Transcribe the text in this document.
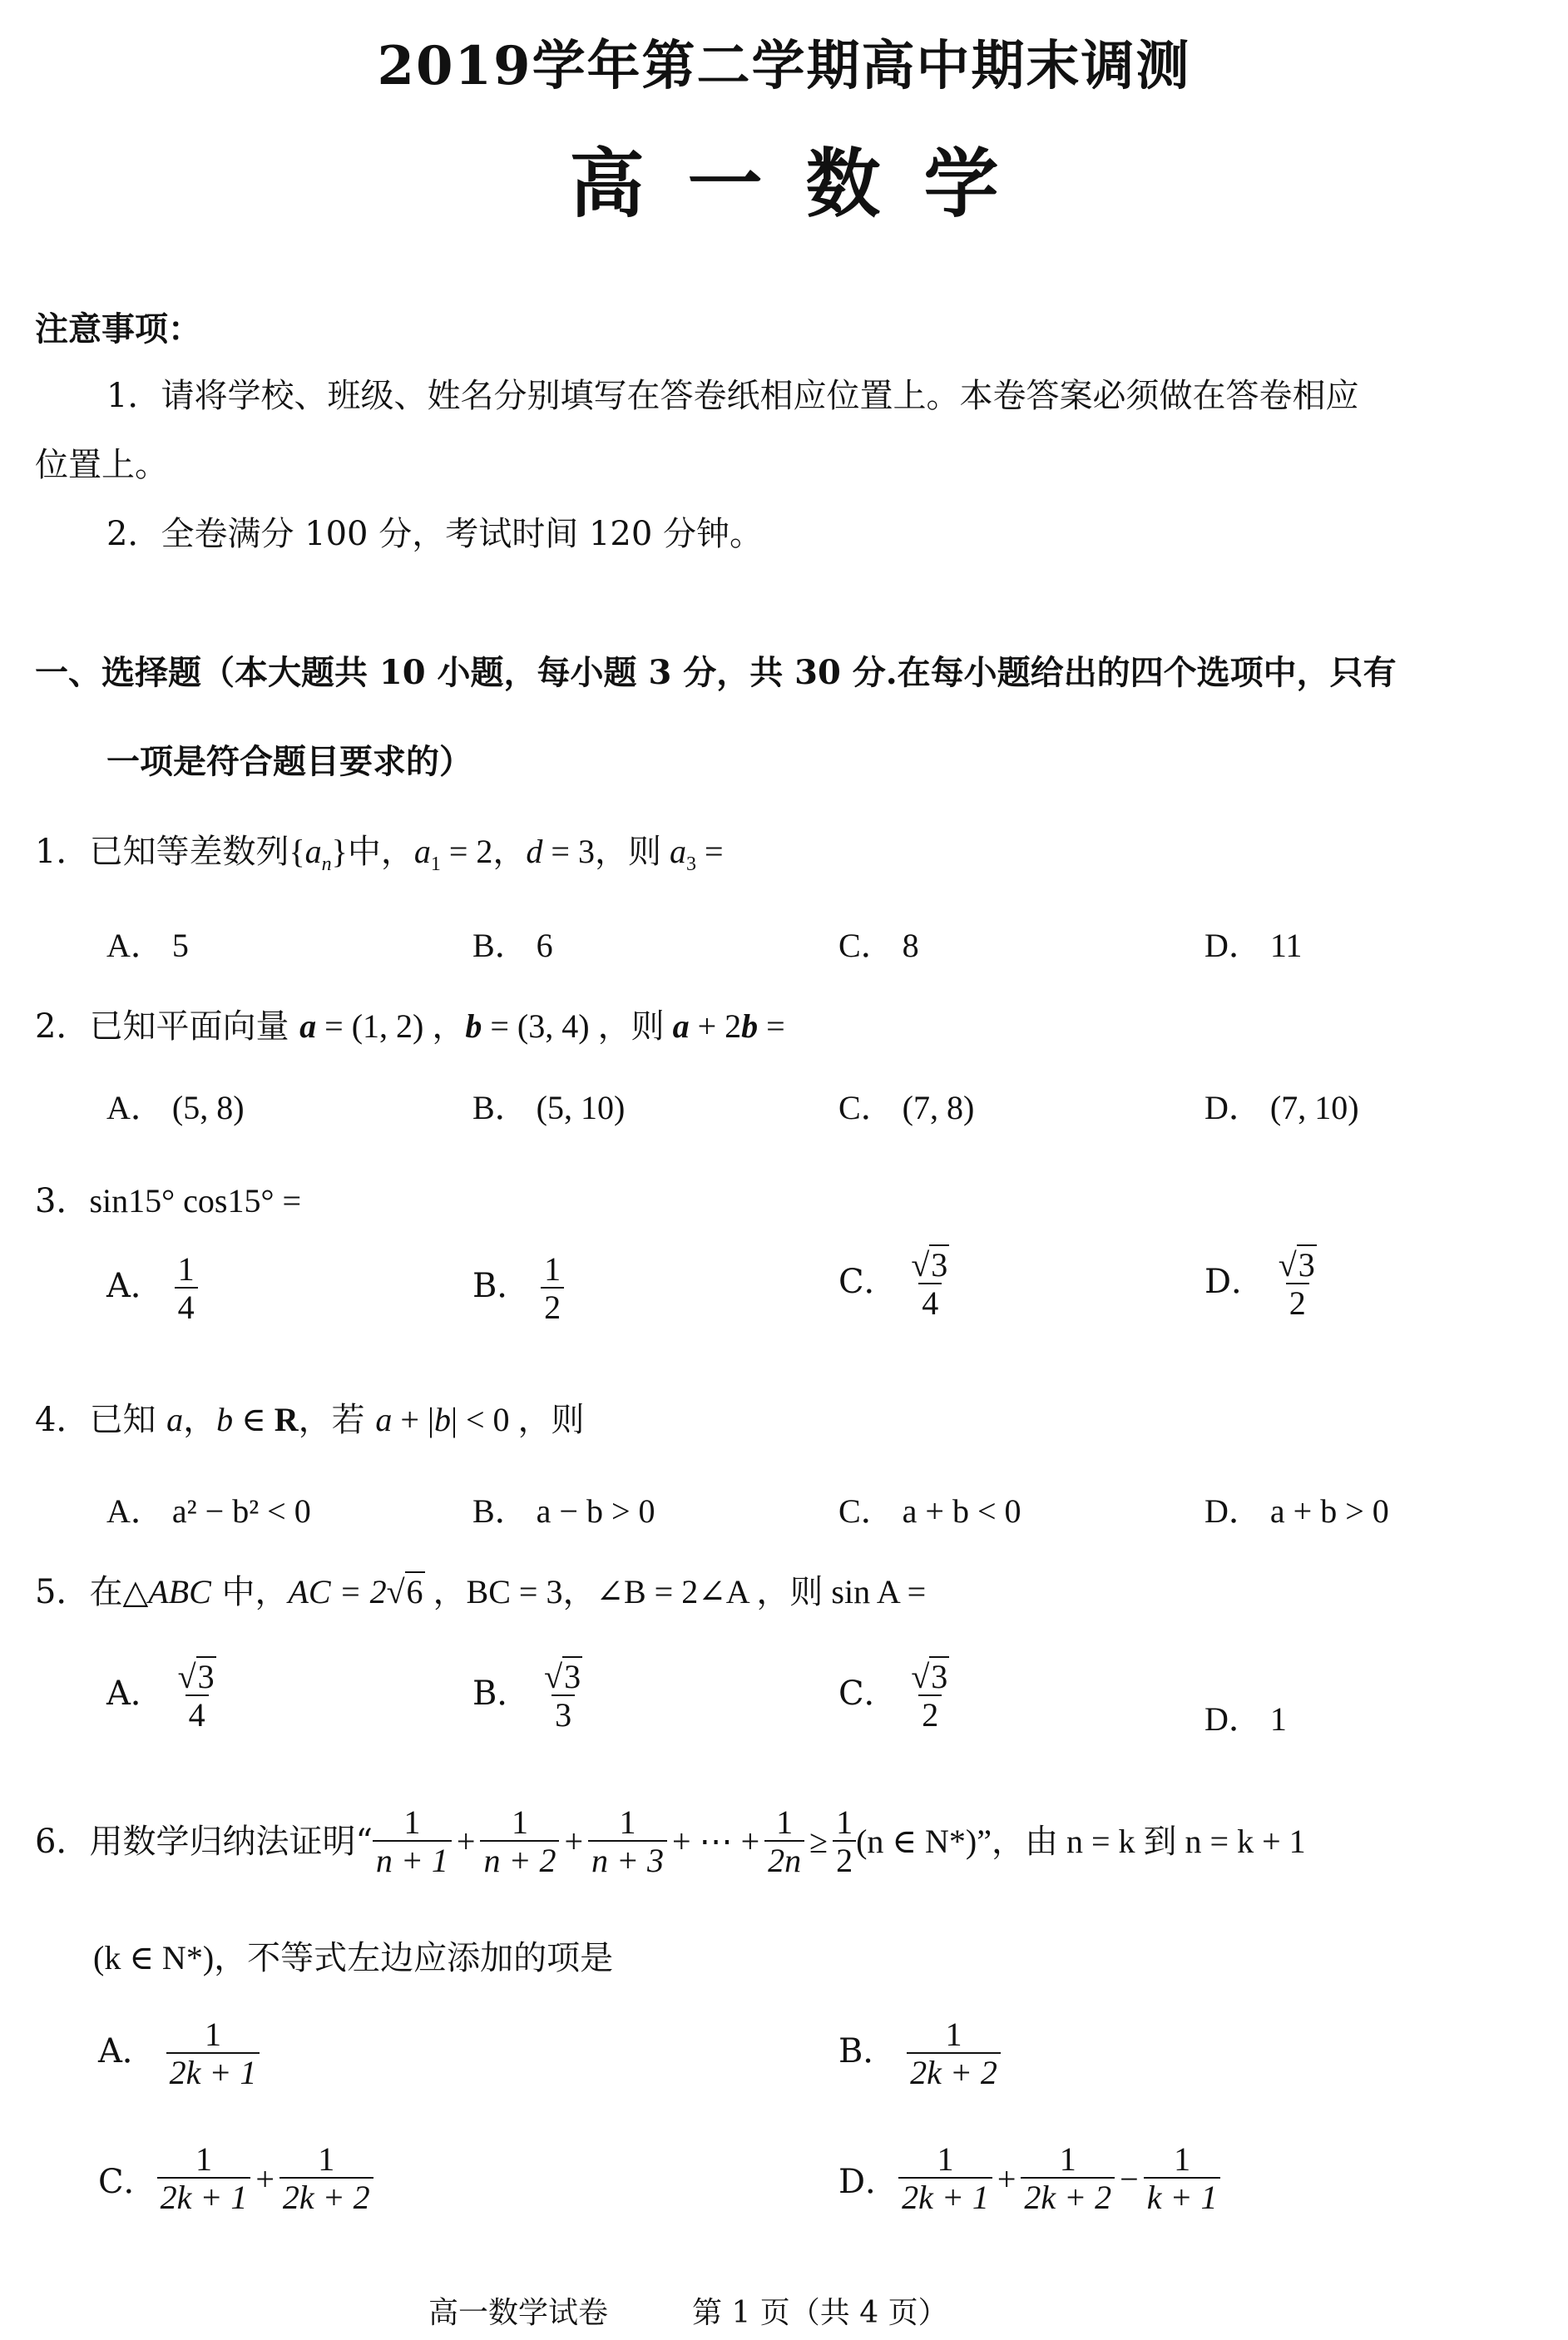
2019学年第二学期高中期末调测
高 一 数 学
注意事项：
1．请将学校、班级、姓名分别填写在答卷纸相应位置上。本卷答案必须做在答卷相应
位置上。
2．全卷满分 100 分，考试时间 120 分钟。
一、选择题（本大题共 10 小题，每小题 3 分，共 30 分.在每小题给出的四个选项中，只有
一项是符合题目要求的）
1．已知等差数列$\{a_n\}$中，$a_1 = 2$，d = 3，则 $a_3$ =
A． 5	B． 6	C． 8	D． 11
2．已知平面向量 a = (1, 2) ，b = (3, 4) ，则 a + 2b =
A． (5, 8)	B． (5, 10)	C． (7, 8)	D． (7, 10)
3．sin15° cos15° =
A． $\frac{1}{4}$	B． $\frac{1}{2}$	C． $\frac{√3}{4}$	D． $\frac{√3}{2}$
4．已知 a，b ∈ R，若 a + |b| < 0 ，则
A． a² − b² < 0	B． a − b > 0	C． a + b < 0	D． a + b > 0
5．在△ABC 中，AC = 2√6 ，BC = 3，∠B = 2∠A ，则 sin A =
A． $\frac{√3}{4}$	B． $\frac{√3}{3}$	C． $\frac{√3}{2}$	D． 1
6． 用数学归纳法证明“ $\frac{1}{n + 1} + \frac{1}{n + 2} + \frac{1}{n + 3}$ + ⋯ + $\frac{1}{2n} \ge \frac{1}{2} (n$ ∈ N*)”，由 n = k 到 n = k + 1
(k ∈ N*)，不等式左边应添加的项是
A． $\frac{1}{2k + 1}$	B． $\frac{1}{2k + 2}$
C． $\frac{1}{2k + 1} + \frac{1}{2k + 2}$	D． $\frac{1}{2k + 1} + \frac{1}{2k + 2} - \frac{1}{k + 1}$
高一数学试卷	第 1 页（共 4 页）
